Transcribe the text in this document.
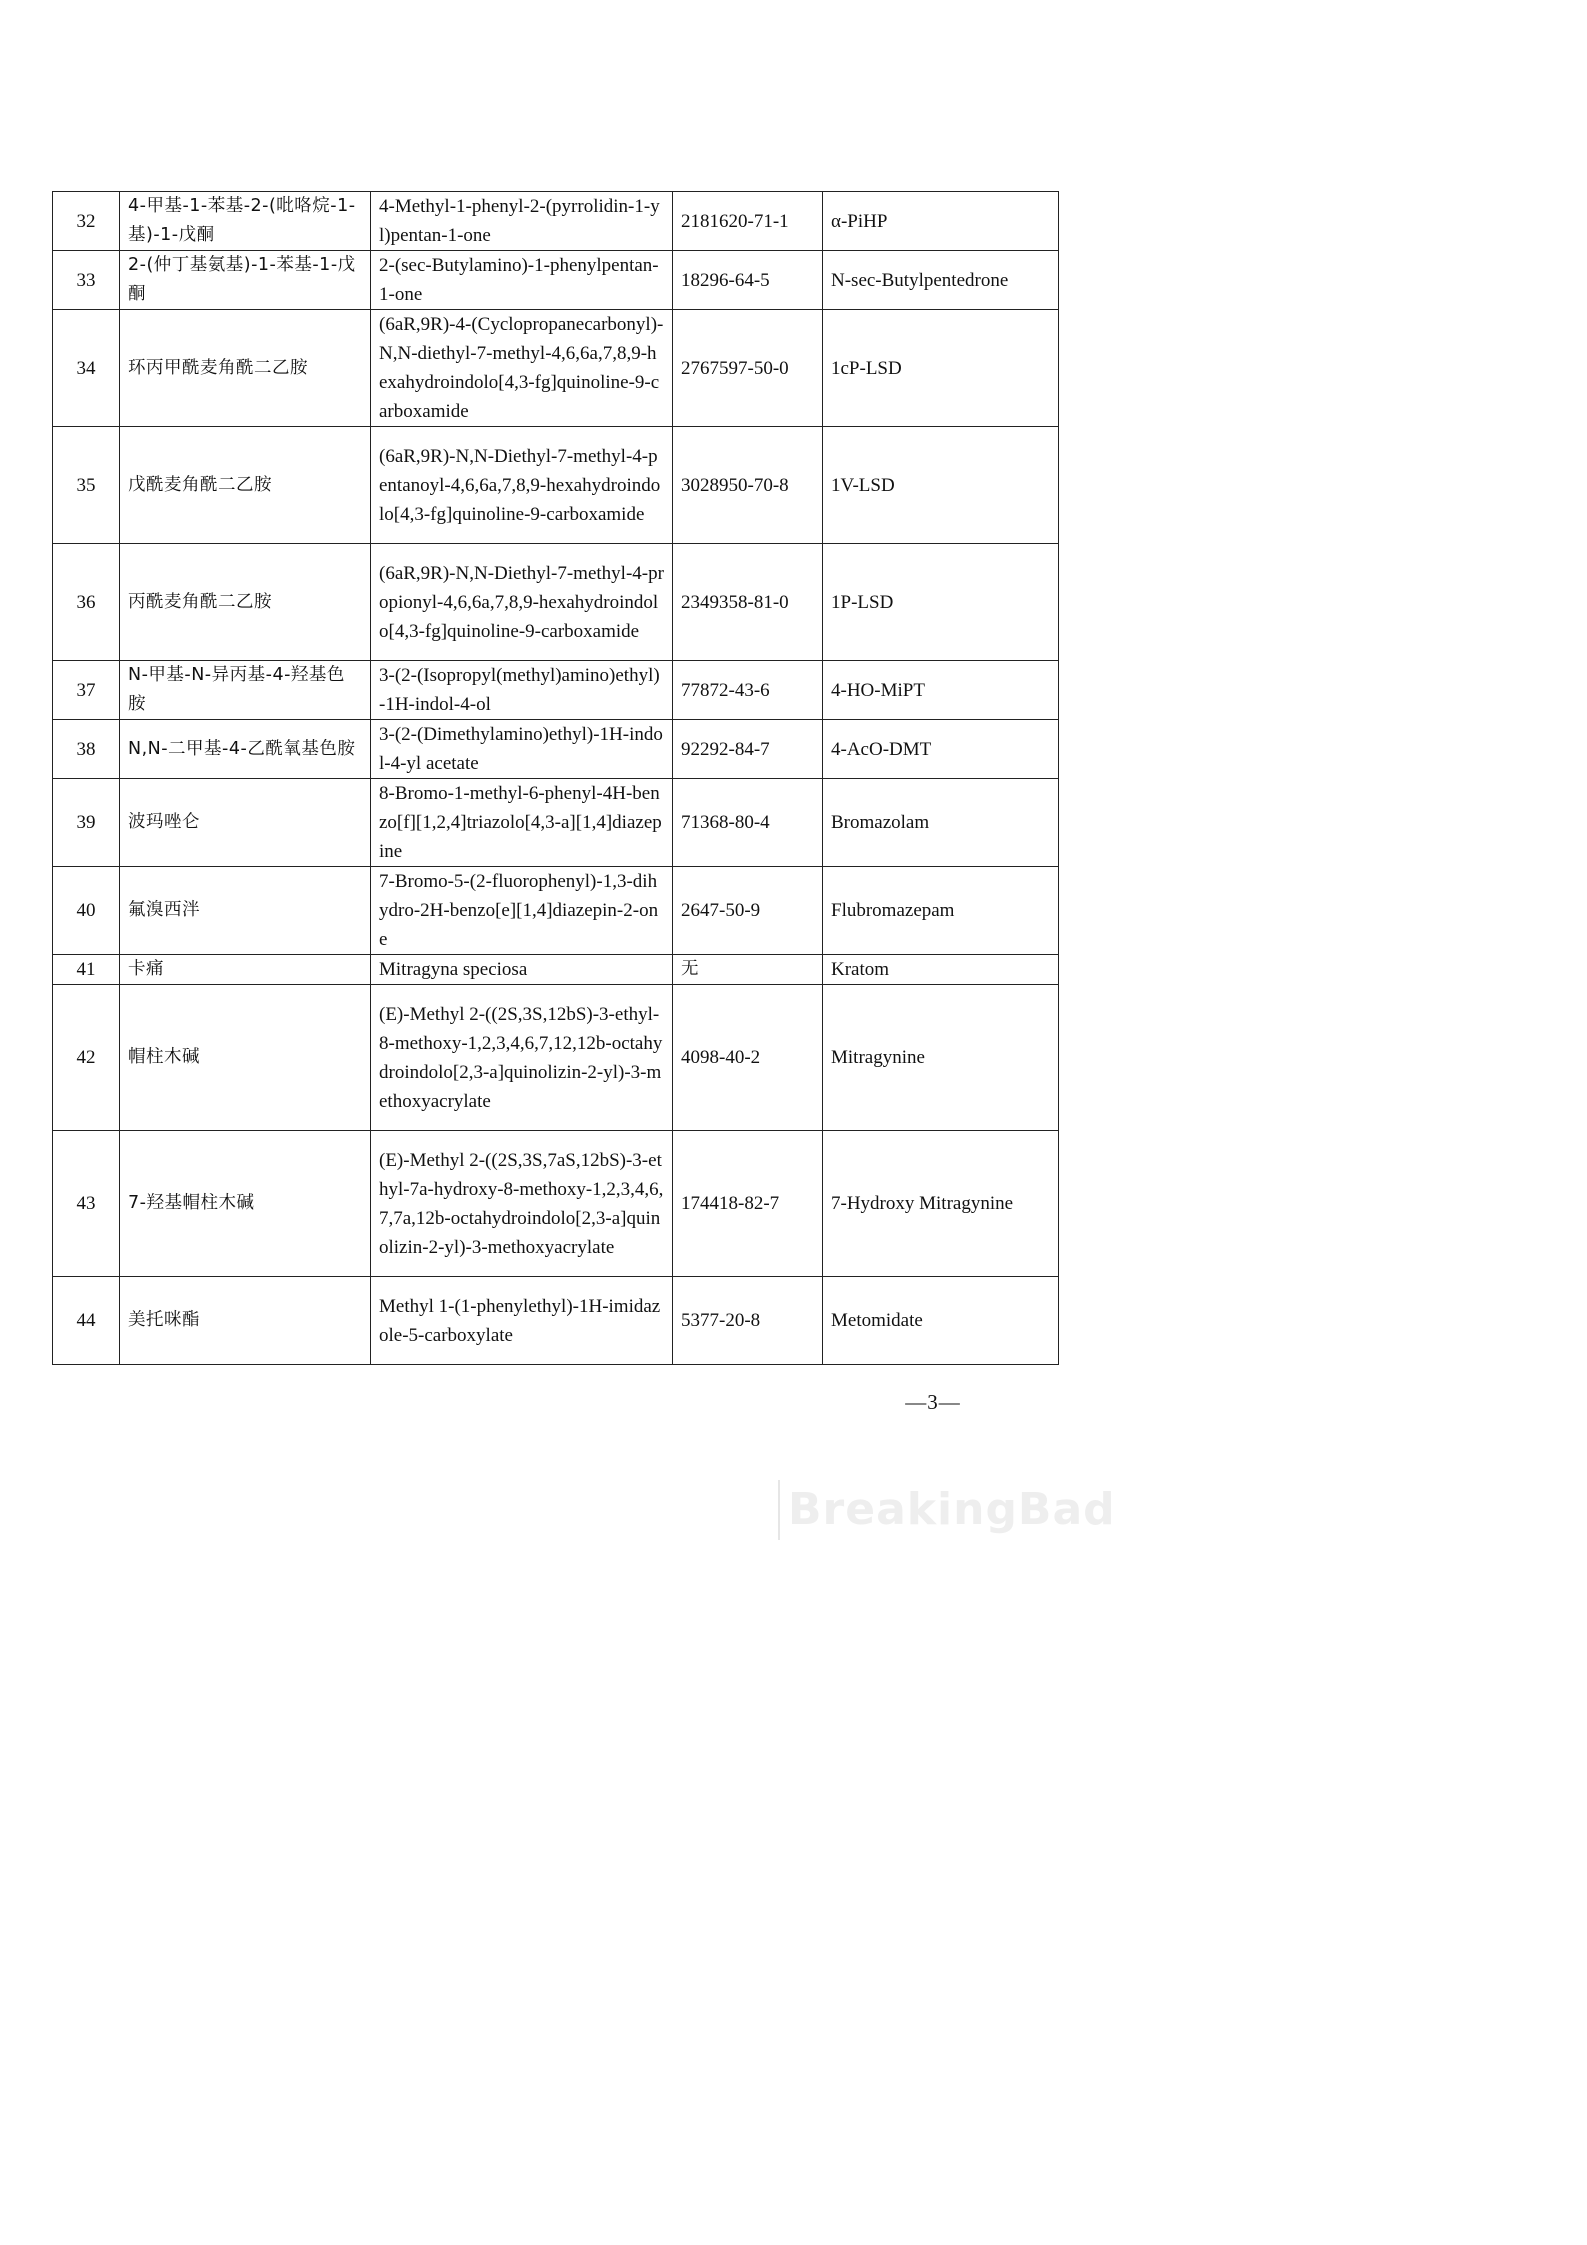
32	4-甲基-1-苯基-2-(吡咯烷-1-基)-1-戊酮	4-Methyl-1-phenyl-2-(pyrrolidin-1-yl)pentan-1-one	2181620-71-1	α-PiHP
33	2-(仲丁基氨基)-1-苯基-1-戊酮	2-(sec-Butylamino)-1-phenylpentan-1-one	18296-64-5	N-sec-Butylpentedrone
34	环丙甲酰麦角酰二乙胺	(6aR,9R)-4-(Cyclopropanecarbonyl)-N,N-diethyl-7-methyl-4,6,6a,7,8,9-hexahydroindolo[4,3-fg]quinoline-9-carboxamide	2767597-50-0	1cP-LSD
35	戊酰麦角酰二乙胺	(6aR,9R)-N,N-Diethyl-7-methyl-4-pentanoyl-4,6,6a,7,8,9-hexahydroindolo[4,3-fg]quinoline-9-carboxamide	3028950-70-8	1V-LSD
36	丙酰麦角酰二乙胺	(6aR,9R)-N,N-Diethyl-7-methyl-4-propionyl-4,6,6a,7,8,9-hexahydroindolo[4,3-fg]quinoline-9-carboxamide	2349358-81-0	1P-LSD
37	N-甲基-N-异丙基-4-羟基色胺	3-(2-(Isopropyl(methyl)amino)ethyl)-1H-indol-4-ol	77872-43-6	4-HO-MiPT
38	N,N-二甲基-4-乙酰氧基色胺	3-(2-(Dimethylamino)ethyl)-1H-indol-4-yl acetate	92292-84-7	4-AcO-DMT
39	波玛唑仑	8-Bromo-1-methyl-6-phenyl-4H-benzo[f][1,2,4]triazolo[4,3-a][1,4]diazepine	71368-80-4	Bromazolam
40	氟溴西泮	7-Bromo-5-(2-fluorophenyl)-1,3-dihydro-2H-benzo[e][1,4]diazepin-2-one	2647-50-9	Flubromazepam
41	卡痛	Mitragyna speciosa	无	Kratom
42	帽柱木碱	(E)-Methyl 2-((2S,3S,12bS)-3-ethyl-8-methoxy-1,2,3,4,6,7,12,12b-octahydroindolo[2,3-a]quinolizin-2-yl)-3-methoxyacrylate	4098-40-2	Mitragynine
43	7-羟基帽柱木碱	(E)-Methyl 2-((2S,3S,7aS,12bS)-3-ethyl-7a-hydroxy-8-methoxy-1,2,3,4,6,7,7a,12b-octahydroindolo[2,3-a]quinolizin-2-yl)-3-methoxyacrylate	174418-82-7	7-Hydroxy Mitragynine
44	美托咪酯	Methyl 1-(1-phenylethyl)-1H-imidazole-5-carboxylate	5377-20-8	Metomidate
—3—
BreakingBad
